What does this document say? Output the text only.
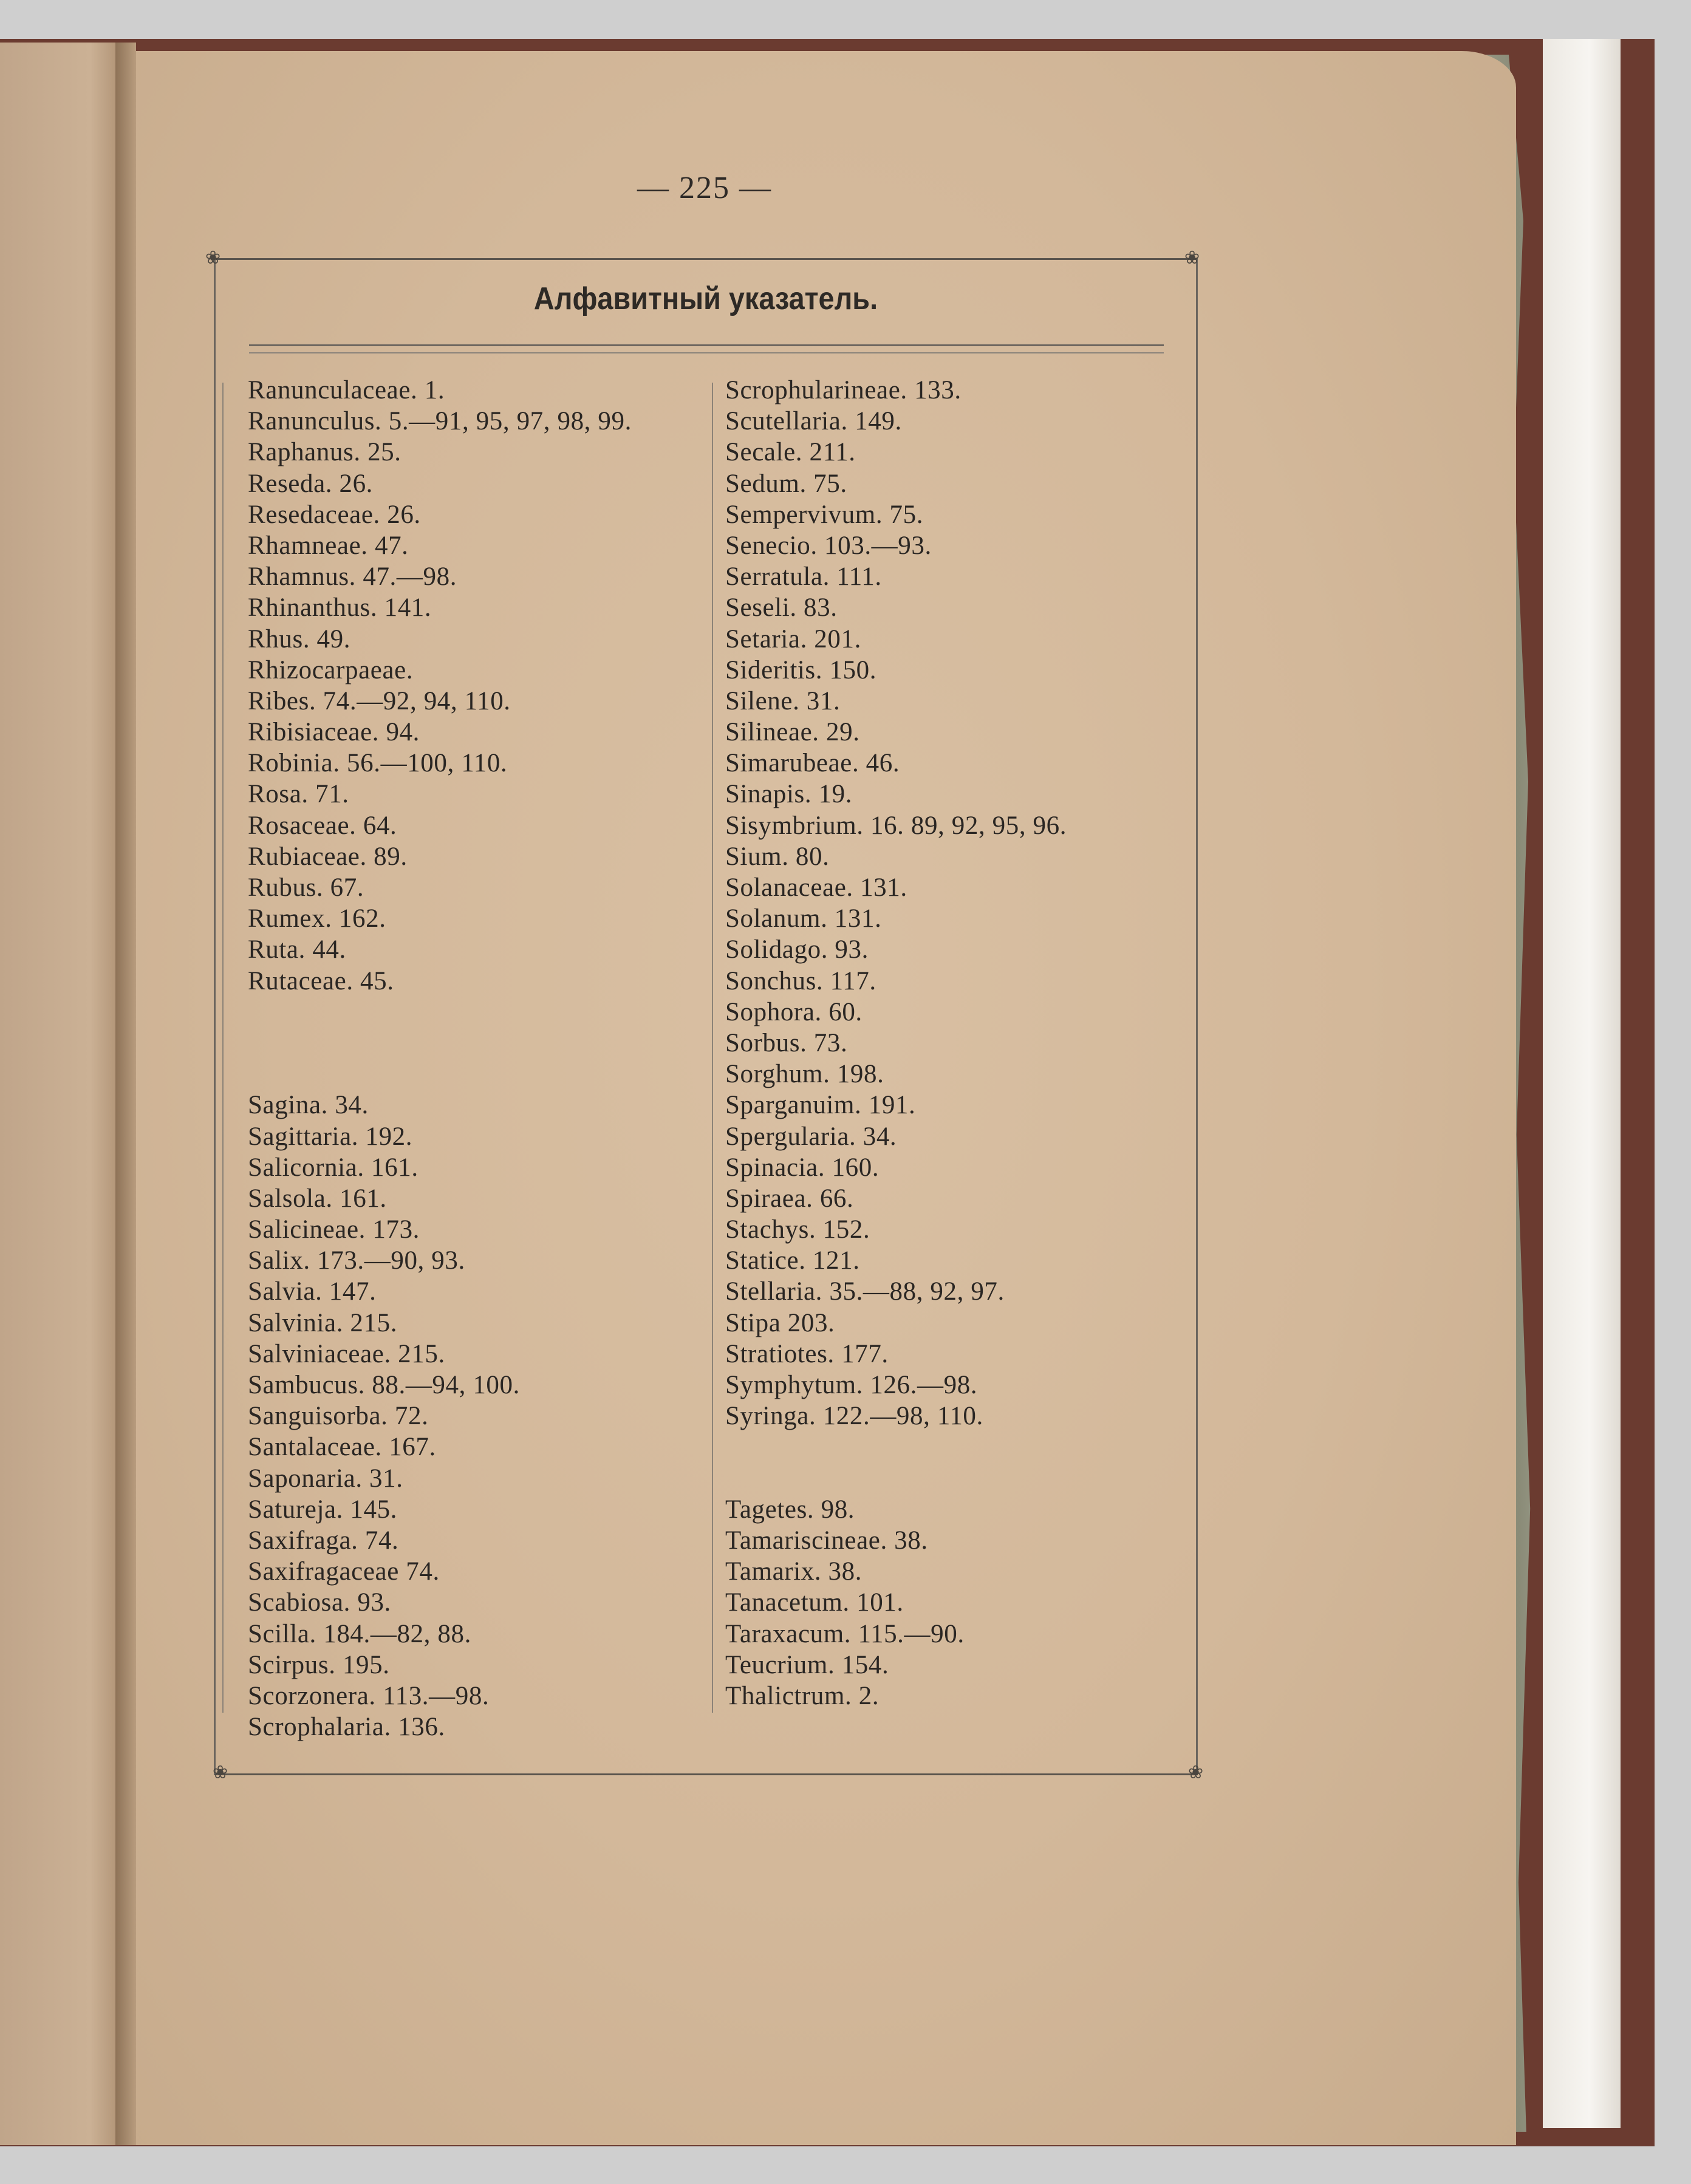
— 225 —
❀	❀
❀	❀
Алфавитный указатель.
Ranunculaceae. 1.
Ranunculus. 5.—91, 95, 97, 98, 99.
Raphanus. 25.
Reseda. 26.
Resedaceae. 26.
Rhamneae. 47.
Rhamnus. 47.—98.
Rhinanthus. 141.
Rhus. 49.
Rhizocarpaeae.
Ribes. 74.—92, 94, 110.
Ribisiaceae. 94.
Robinia. 56.—100, 110.
Rosa. 71.
Rosaceae. 64.
Rubiaceae. 89.
Rubus. 67.
Rumex. 162.
Ruta. 44.
Rutaceae. 45.
Sagina. 34.
Sagittaria. 192.
Salicornia. 161.
Salsola. 161.
Salicineae. 173.
Salix. 173.—90, 93.
Salvia. 147.
Salvinia. 215.
Salviniaceae. 215.
Sambucus. 88.—94, 100.
Sanguisorba. 72.
Santalaceae. 167.
Saponaria. 31.
Satureja. 145.
Saxifraga. 74.
Saxifragaceae 74.
Scabiosa. 93.
Scilla. 184.—82, 88.
Scirpus. 195.
Scorzonera. 113.—98.
Scrophalaria. 136.
Scrophularineae. 133.
Scutellaria. 149.
Secale. 211.
Sedum. 75.
Sempervivum. 75.
Senecio. 103.—93.
Serratula. 111.
Seseli. 83.
Setaria. 201.
Sideritis. 150.
Silene. 31.
Silineae. 29.
Simarubeae. 46.
Sinapis. 19.
Sisymbrium. 16. 89, 92, 95, 96.
Sium. 80.
Solanaceae. 131.
Solanum. 131.
Solidago. 93.
Sonchus. 117.
Sophora. 60.
Sorbus. 73.
Sorghum. 198.
Sparganuim. 191.
Spergularia. 34.
Spinacia. 160.
Spiraea. 66.
Stachys. 152.
Statice. 121.
Stellaria. 35.—88, 92, 97.
Stipa 203.
Stratiotes. 177.
Symphytum. 126.—98.
Syringa. 122.—98, 110.
Tagetes. 98.
Tamariscineae. 38.
Tamarix. 38.
Tanacetum. 101.
Taraxacum. 115.—90.
Teucrium. 154.
Thalictrum. 2.
